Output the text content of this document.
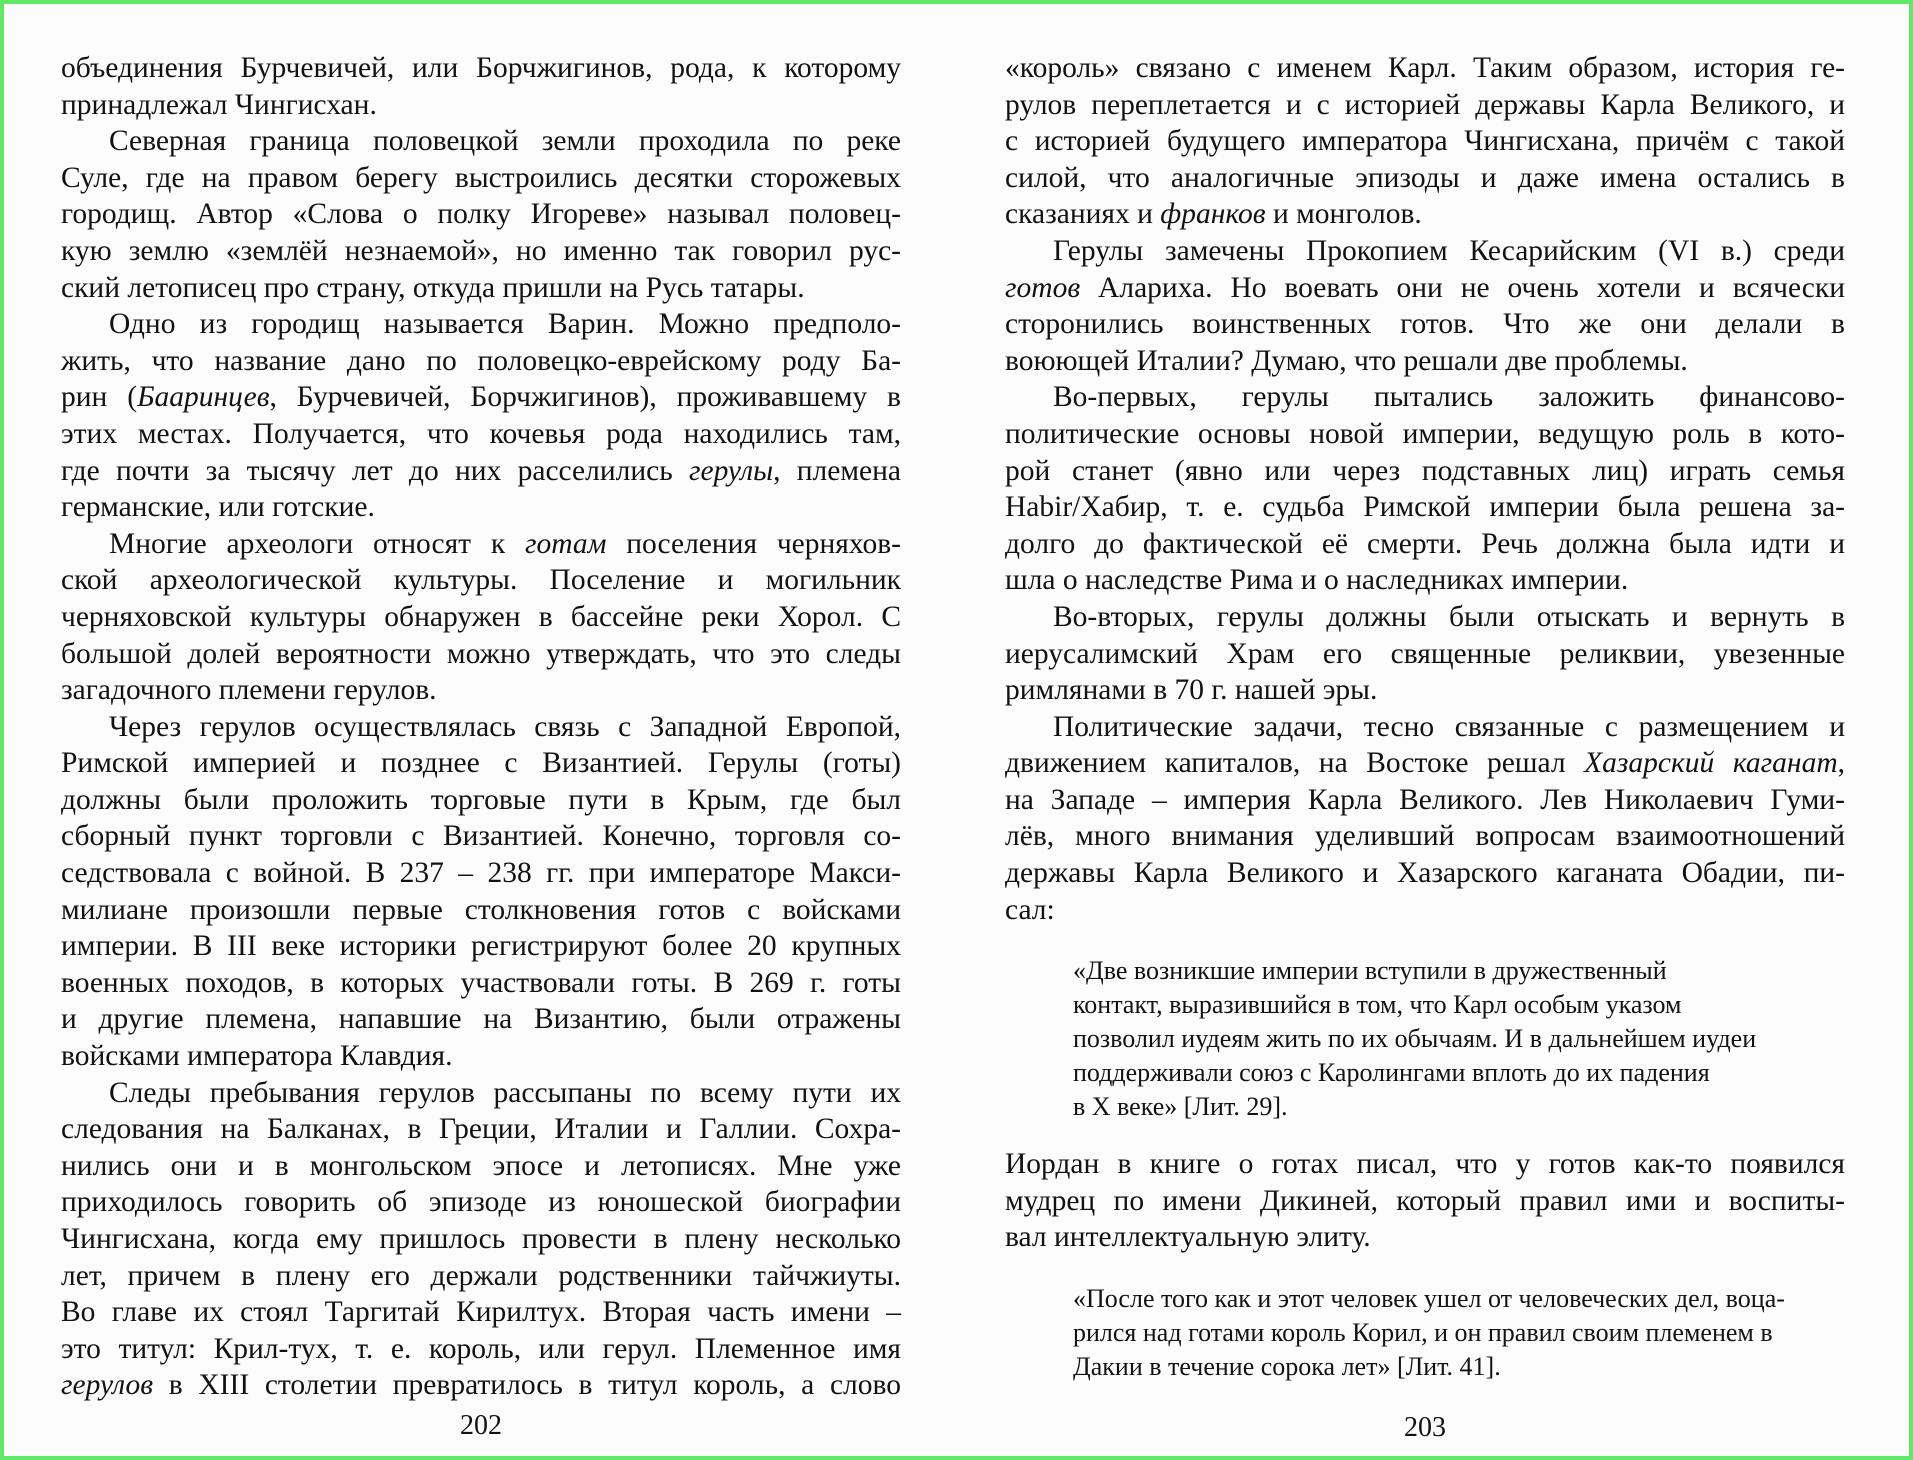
объединения Бурчевичей, или Борчжигинов, рода, к которому
принадлежал Чингисхан.
Северная граница половецкой земли проходила по реке
Суле, где на правом берегу выстроились десятки сторожевых
городищ. Автор «Слова о полку Игореве» называл половец-
кую землю «землёй незнаемой», но именно так говорил рус-
ский летописец про страну, откуда пришли на Русь татары.
Одно из городищ называется Варин. Можно предполо-
жить, что название дано по половецко-еврейскому роду Ба-
рин (Бааринцев, Бурчевичей, Борчжигинов), проживавшему в
этих местах. Получается, что кочевья рода находились там,
где почти за тысячу лет до них расселились герулы, племена
германские, или готские.
Многие археологи относят к готам поселения черняхов-
ской археологической культуры. Поселение и могильник
черняховской культуры обнаружен в бассейне реки Хорол. С
большой долей вероятности можно утверждать, что это следы
загадочного племени герулов.
Через герулов осуществлялась связь с Западной Европой,
Римской империей и позднее с Византией. Герулы (готы)
должны были проложить торговые пути в Крым, где был
сборный пункт торговли с Византией. Конечно, торговля со-
седствовала с войной. В 237 – 238 гг. при императоре Макси-
милиане произошли первые столкновения готов с войсками
империи. В III веке историки регистрируют более 20 крупных
военных походов, в которых участвовали готы. В 269 г. готы
и другие племена, напавшие на Византию, были отражены
войсками императора Клавдия.
Следы пребывания герулов рассыпаны по всему пути их
следования на Балканах, в Греции, Италии и Галлии. Сохра-
нились они и в монгольском эпосе и летописях. Мне уже
приходилось говорить об эпизоде из юношеской биографии
Чингисхана, когда ему пришлось провести в плену несколько
лет, причем в плену его держали родственники тайчжиуты.
Во главе их стоял Таргитай Кирилтух. Вторая часть имени –
это титул: Крил-тух, т. е. король, или герул. Племенное имя
герулов в XIII столетии превратилось в титул король, а слово
202
«король» связано с именем Карл. Таким образом, история ге-
рулов переплетается и с историей державы Карла Великого, и
с историей будущего императора Чингисхана, причём с такой
силой, что аналогичные эпизоды и даже имена остались в
сказаниях и франков и монголов.
Герулы замечены Прокопием Кесарийским (VI в.) среди
готов Алариха. Но воевать они не очень хотели и всячески
сторонились воинственных готов. Что же они делали в
воюющей Италии? Думаю, что решали две проблемы.
Во-первых, герулы пытались заложить финансово-
политические основы новой империи, ведущую роль в кото-
рой станет (явно или через подставных лиц) играть семья
Habir/Хабир, т. е. судьба Римской империи была решена за-
долго до фактической её смерти. Речь должна была идти и
шла о наследстве Рима и о наследниках империи.
Во-вторых, герулы должны были отыскать и вернуть в
иерусалимский Храм его священные реликвии, увезенные
римлянами в 70 г. нашей эры.
Политические задачи, тесно связанные с размещением и
движением капиталов, на Востоке решал Хазарский каганат,
на Западе – империя Карла Великого. Лев Николаевич Гуми-
лёв, много внимания уделивший вопросам взаимоотношений
державы Карла Великого и Хазарского каганата Обадии, пи-
сал:
«Две возникшие империи вступили в дружественный
контакт, выразившийся в том, что Карл особым указом
позволил иудеям жить по их обычаям. И в дальнейшем иудеи
поддерживали союз с Каролингами вплоть до их падения
в X веке» [Лит. 29].
Иордан в книге о готах писал, что у готов как-то появился
мудрец по имени Дикиней, который правил ими и воспиты-
вал интеллектуальную элиту.
«После того как и этот человек ушел от человеческих дел, воца-
рился над готами король Корил, и он правил своим племенем в
Дакии в течение сорока лет» [Лит. 41].
203
